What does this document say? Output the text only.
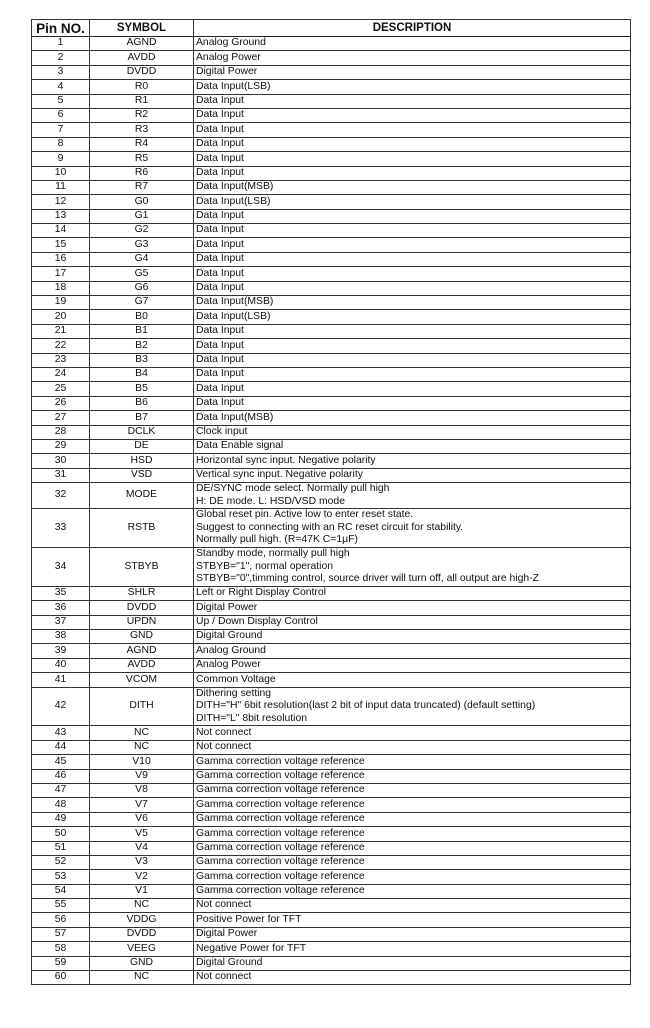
Pin NO.	SYMBOL	DESCRIPTION
1	AGND	Analog Ground

2	AVDD	Analog Power

3	DVDD	Digital Power

4	R0	Data Input(LSB)

5	R1	Data Input

6	R2	Data Input

7	R3	Data Input

8	R4	Data Input

9	R5	Data Input

10	R6	Data Input

11	R7	Data Input(MSB)

12	G0	Data Input(LSB)

13	G1	Data Input

14	G2	Data Input

15	G3	Data Input

16	G4	Data Input

17	G5	Data Input

18	G6	Data Input

19	G7	Data Input(MSB)

20	B0	Data Input(LSB)

21	B1	Data Input

22	B2	Data Input

23	B3	Data Input

24	B4	Data Input

25	B5	Data Input

26	B6	Data Input

27	B7	Data Input(MSB)

28	DCLK	Clock input

29	DE	Data Enable signal

30	HSD	Horizontal sync input. Negative polarity

31	VSD	Vertical sync input. Negative polarity

32	MODE	DE/SYNC mode select. Normally pull high
H: DE mode. L: HSD/VSD mode

33	RSTB	Global reset pin. Active low to enter reset state.
Suggest to connecting with an RC reset circuit for stability.
Normally pull high. (R=47K C=1μF)

34	STBYB	Standby mode, normally pull high
STBYB="1", normal operation
STBYB="0",timming control, source driver will turn off, all output are high-Z

35	SHLR	Left or Right Display Control

36	DVDD	Digital Power

37	UPDN	Up / Down Display Control

38	GND	Digital Ground

39	AGND	Analog Ground

40	AVDD	Analog Power

41	VCOM	Common Voltage

42	DITH	Dithering setting
DITH="H" 6bit resolution(last 2 bit of input data truncated) (default setting)
DITH="L" 8bit resolution

43	NC	Not connect

44	NC	Not connect

45	V10	Gamma correction voltage reference

46	V9	Gamma correction voltage reference

47	V8	Gamma correction voltage reference

48	V7	Gamma correction voltage reference

49	V6	Gamma correction voltage reference

50	V5	Gamma correction voltage reference

51	V4	Gamma correction voltage reference

52	V3	Gamma correction voltage reference

53	V2	Gamma correction voltage reference

54	V1	Gamma correction voltage reference

55	NC	Not connect

56	VDDG	Positive Power for TFT

57	DVDD	Digital Power

58	VEEG	Negative Power for TFT

59	GND	Digital Ground

60	NC	Not connect
